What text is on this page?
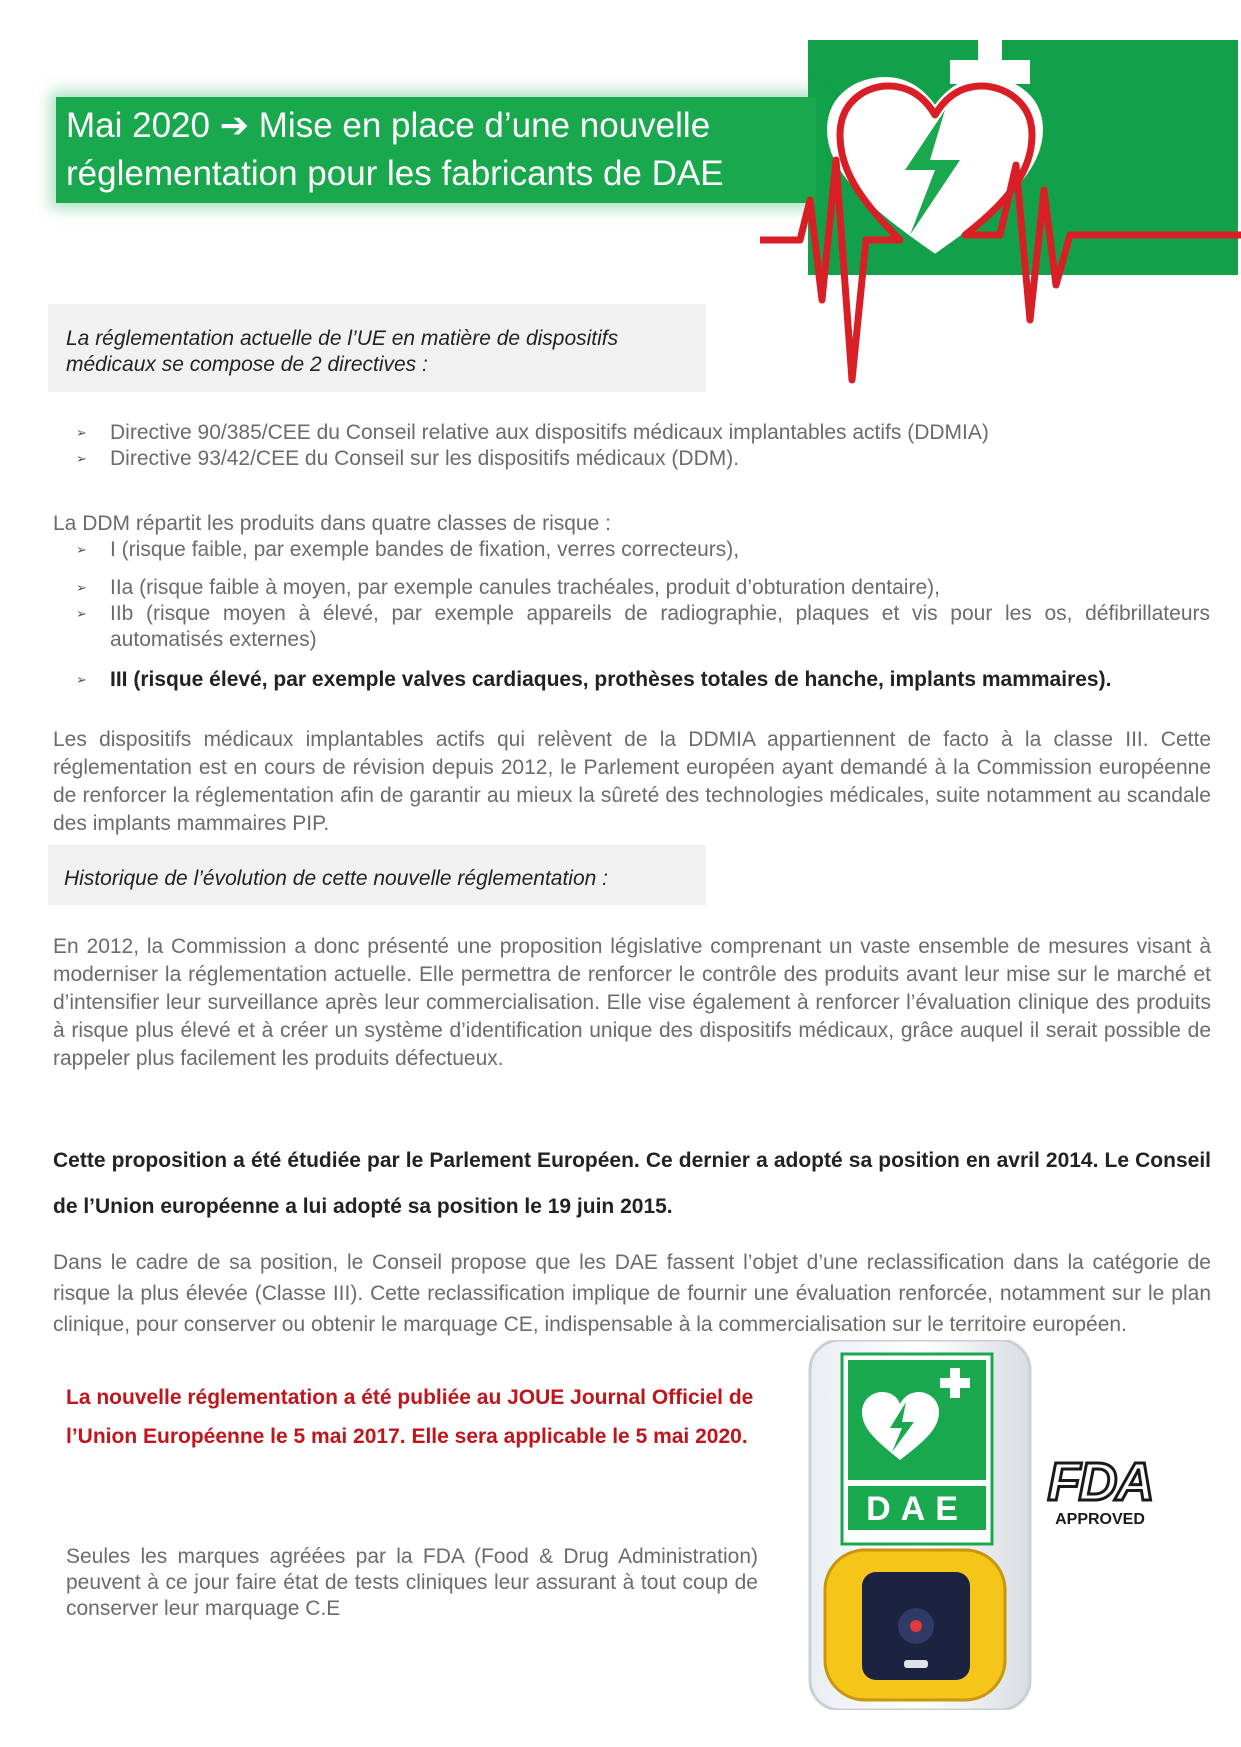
Mai 2020 ➔ Mise en place d’une nouvelle
réglementation pour les fabricants de DAE
La réglementation actuelle de l’UE en matière de dispositifs
médicaux se compose de 2 directives :
➢ Directive 90/385/CEE du Conseil relative aux dispositifs médicaux implantables actifs (DDMIA)
➢ Directive 93/42/CEE du Conseil sur les dispositifs médicaux (DDM).
La DDM répartit les produits dans quatre classes de risque :
➢ I (risque faible, par exemple bandes de fixation, verres correcteurs),
➢ IIa (risque faible à moyen, par exemple canules trachéales, produit d’obturation dentaire),
➢ IIb (risque moyen à élevé, par exemple appareils de radiographie, plaques et vis pour les os, défibrillateurs automatisés externes)
➢ III (risque élevé, par exemple valves cardiaques, prothèses totales de hanche, implants mammaires).
Les dispositifs médicaux implantables actifs qui relèvent de la DDMIA appartiennent de facto à la classe III. Cette réglementation est en cours de révision depuis 2012, le Parlement européen ayant demandé à la Commission européenne de renforcer la réglementation afin de garantir au mieux la sûreté des technologies médicales, suite notamment au scandale des implants mammaires PIP.
Historique de l’évolution de cette nouvelle réglementation :
En 2012, la Commission a donc présenté une proposition législative comprenant un vaste ensemble de mesures visant à moderniser la réglementation actuelle. Elle permettra de renforcer le contrôle des produits avant leur mise sur le marché et d’intensifier leur surveillance après leur commercialisation. Elle vise également à renforcer l’évaluation clinique des produits à risque plus élevé et à créer un système d’identification unique des dispositifs médicaux, grâce auquel il serait possible de rappeler plus facilement les produits défectueux.
Cette proposition a été étudiée par le Parlement Européen. Ce dernier a adopté sa position en avril 2014. Le Conseil de l’Union européenne a lui adopté sa position le 19 juin 2015.
Dans le cadre de sa position, le Conseil propose que les DAE fassent l’objet d’une reclassification dans la catégorie de risque la plus élevée (Classe III). Cette reclassification implique de fournir une évaluation renforcée, notamment sur le plan clinique, pour conserver ou obtenir le marquage CE, indispensable à la commercialisation sur le territoire européen.
DAE FDA
APPROVED
La nouvelle réglementation a été publiée au JOUE Journal Officiel de l’Union Européenne le 5 mai 2017. Elle sera applicable le 5 mai 2020.
Seules les marques agréées par la FDA (Food & Drug Administration) peuvent à ce jour faire état de tests cliniques leur assurant à tout coup de conserver leur marquage C.E
